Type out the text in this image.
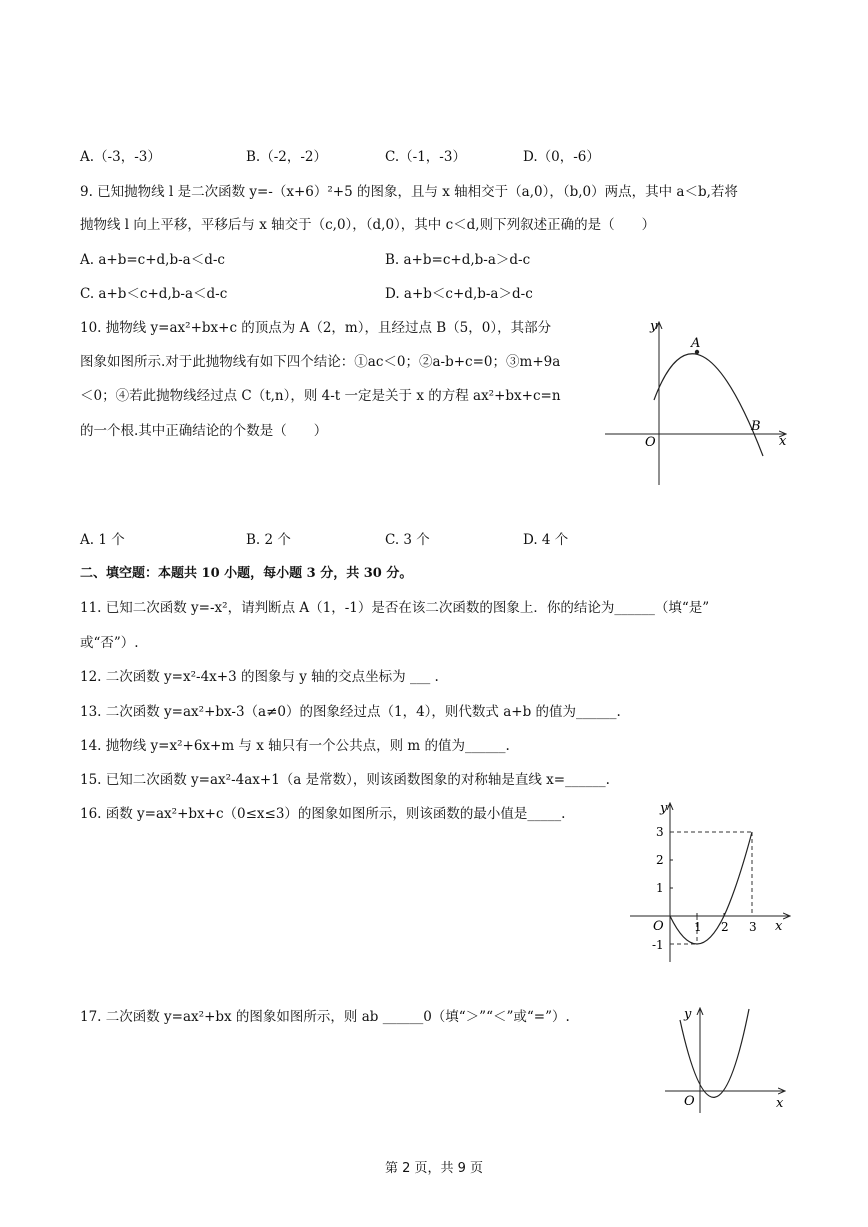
A.（-3，-3）	B.（-2，-2）	C.（-1，-3）	D.（0，-6）
9. 已知抛物线 l 是二次函数 y=-（x+6）²+5 的图象，且与 x 轴相交于（a,0），（b,0）两点，其中 a＜b,若将
抛物线 l 向上平移，平移后与 x 轴交于（c,0），（d,0），其中 c＜d,则下列叙述正确的是（　　）
A. a+b=c+d,b-a＜d-c	B. a+b=c+d,b-a＞d-c
C. a+b＜c+d,b-a＜d-c	D. a+b＜c+d,b-a＞d-c
10. 抛物线 y=ax²+bx+c 的顶点为 A（2，m），且经过点 B（5，0），其部分
图象如图所示.对于此抛物线有如下四个结论：①ac＜0；②a-b+c=0；③m+9a
＜0；④若此抛物线经过点 C（t,n），则 4-t 一定是关于 x 的方程 ax²+bx+c=n
的一个根.其中正确结论的个数是（　　）
y
x
O
A
B
A. 1 个	B. 2 个	C. 3 个	D. 4 个
二、填空题：本题共 10 小题，每小题 3 分，共 30 分。
11. 已知二次函数 y=-x²，请判断点 A（1，-1）是否在该二次函数的图象上．你的结论为______（填“是”
或“否”）.
12. 二次函数 y=x²-4x+3 的图象与 y 轴的交点坐标为 ___ .
13. 二次函数 y=ax²+bx-3（a≠0）的图象经过点（1，4），则代数式 a+b 的值为______.
14. 抛物线 y=x²+6x+m 与 x 轴只有一个公共点，则 m 的值为______.
15. 已知二次函数 y=ax²-4ax+1（a 是常数），则该函数图象的对称轴是直线 x=______.
16. 函数 y=ax²+bx+c（0≤x≤3）的图象如图所示，则该函数的最小值是_____.	y
x
O	1 2 3
1
2
3
-1
17. 二次函数 y=ax²+bx 的图象如图所示，则 ab ______0（填“＞”“＜”或“=”）.	y
x
O
第 2 页，共 9 页
